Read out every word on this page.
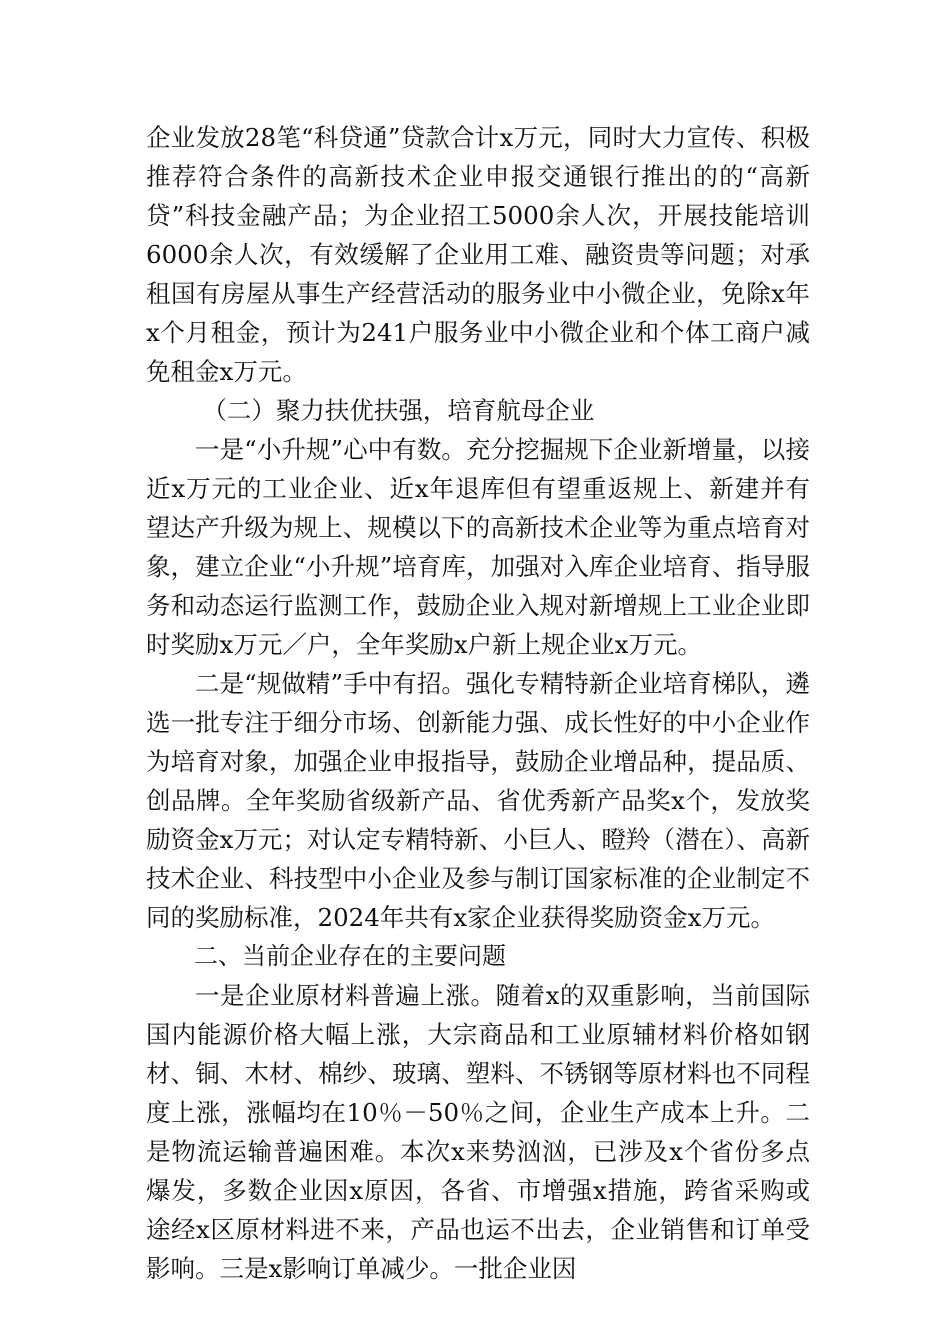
企业发放28笔“科贷通”贷款合计x万元，同时大力宣传、积极推荐符合条件的高新技术企业申报交通银行推出的的“高新贷”科技金融产品；为企业招工5000余人次，开展技能培训6000余人次，有效缓解了企业用工难、融资贵等问题；对承租国有房屋从事生产经营活动的服务业中小微企业，免除x年x个月租金，预计为241户服务业中小微企业和个体工商户减免租金x万元。

（二）聚力扶优扶强，培育航母企业

一是“小升规”心中有数。充分挖掘规下企业新增量，以接近x万元的工业企业、近x年退库但有望重返规上、新建并有望达产升级为规上、规模以下的高新技术企业等为重点培育对象，建立企业“小升规”培育库，加强对入库企业培育、指导服务和动态运行监测工作，鼓励企业入规对新增规上工业企业即时奖励x万元／户，全年奖励x户新上规企业x万元。

二是“规做精”手中有招。强化专精特新企业培育梯队，遴选一批专注于细分市场、创新能力强、成长性好的中小企业作为培育对象，加强企业申报指导，鼓励企业增品种，提品质、创品牌。全年奖励省级新产品、省优秀新产品奖x个，发放奖励资金x万元；对认定专精特新、小巨人、瞪羚（潜在）、高新技术企业、科技型中小企业及参与制订国家标准的企业制定不同的奖励标准，2024年共有x家企业获得奖励资金x万元。

二、当前企业存在的主要问题

一是企业原材料普遍上涨。随着x的双重影响，当前国际国内能源价格大幅上涨，大宗商品和工业原辅材料价格如钢材、铜、木材、棉纱、玻璃、塑料、不锈钢等原材料也不同程度上涨，涨幅均在10％－50％之间，企业生产成本上升。二是物流运输普遍困难。本次x来势汹汹，已涉及x个省份多点爆发，多数企业因x原因，各省、市增强x措施，跨省采购或途经x区原材料进不来，产品也运不出去，企业销售和订单受影响。三是x影响订单减少。一批企业因
